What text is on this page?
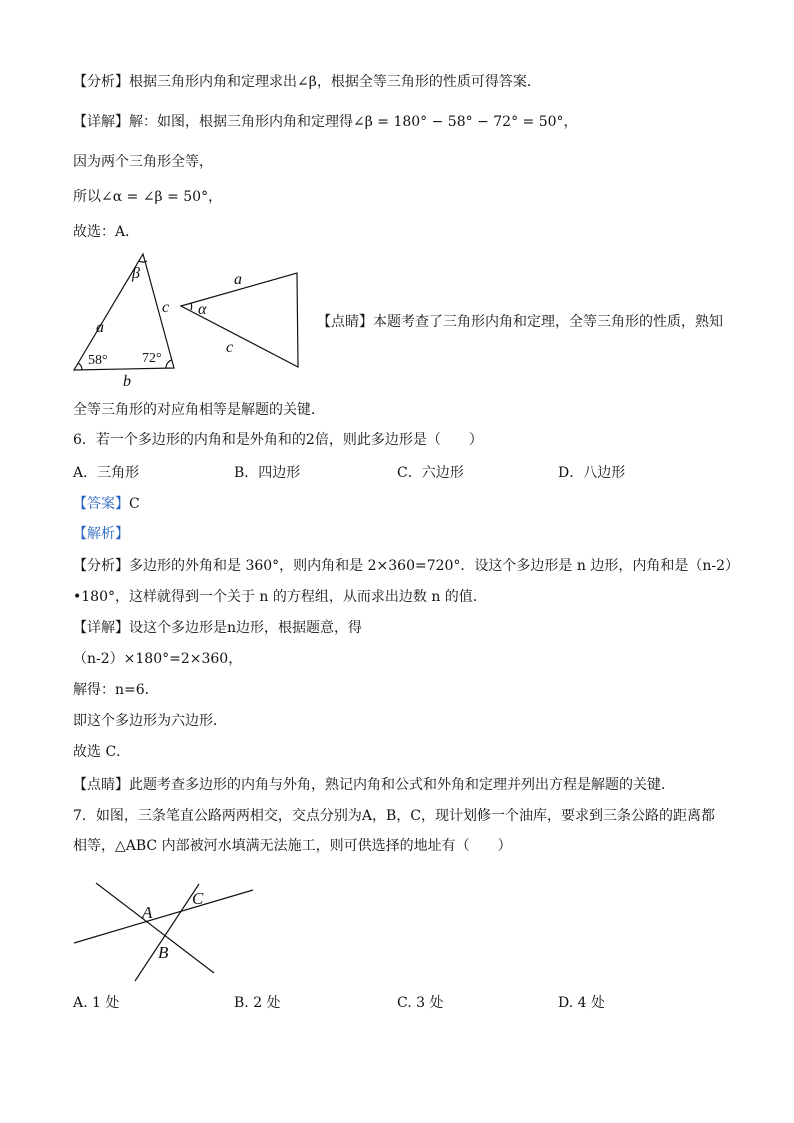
【分析】根据三角形内角和定理求出∠β，根据全等三角形的性质可得答案．
【详解】解：如图，根据三角形内角和定理得∠β = 180° − 58° − 72° = 50°，
因为两个三角形全等，
所以∠α = ∠β = 50°，
故选：A．
β
a
c
b
a
α
c
58° 72°
【点睛】本题考查了三角形内角和定理，全等三角形的性质，熟知
全等三角形的对应角相等是解题的关键．
6．若一个多边形的内角和是外角和的2倍，则此多边形是（　　）
A．三角形	B．四边形	C．六边形	D．八边形
【答案】C
【解析】
【分析】多边形的外角和是 360°，则内角和是 2×360=720°．设这个多边形是 n 边形，内角和是（n-2）
•180°，这样就得到一个关于 n 的方程组，从而求出边数 n 的值．
【详解】设这个多边形是n边形，根据题意，得
（n-2）×180°=2×360，
解得：n=6．
即这个多边形为六边形．
故选 C．
【点睛】此题考查多边形的内角与外角，熟记内角和公式和外角和定理并列出方程是解题的关键．
7．如图，三条笔直公路两两相交，交点分别为A，B，C，现计划修一个油库，要求到三条公路的距离都
相等，△ABC 内部被河水填满无法施工，则可供选择的地址有（　　）
A
B
C
A. 1 处	B. 2 处	C. 3 处	D. 4 处
